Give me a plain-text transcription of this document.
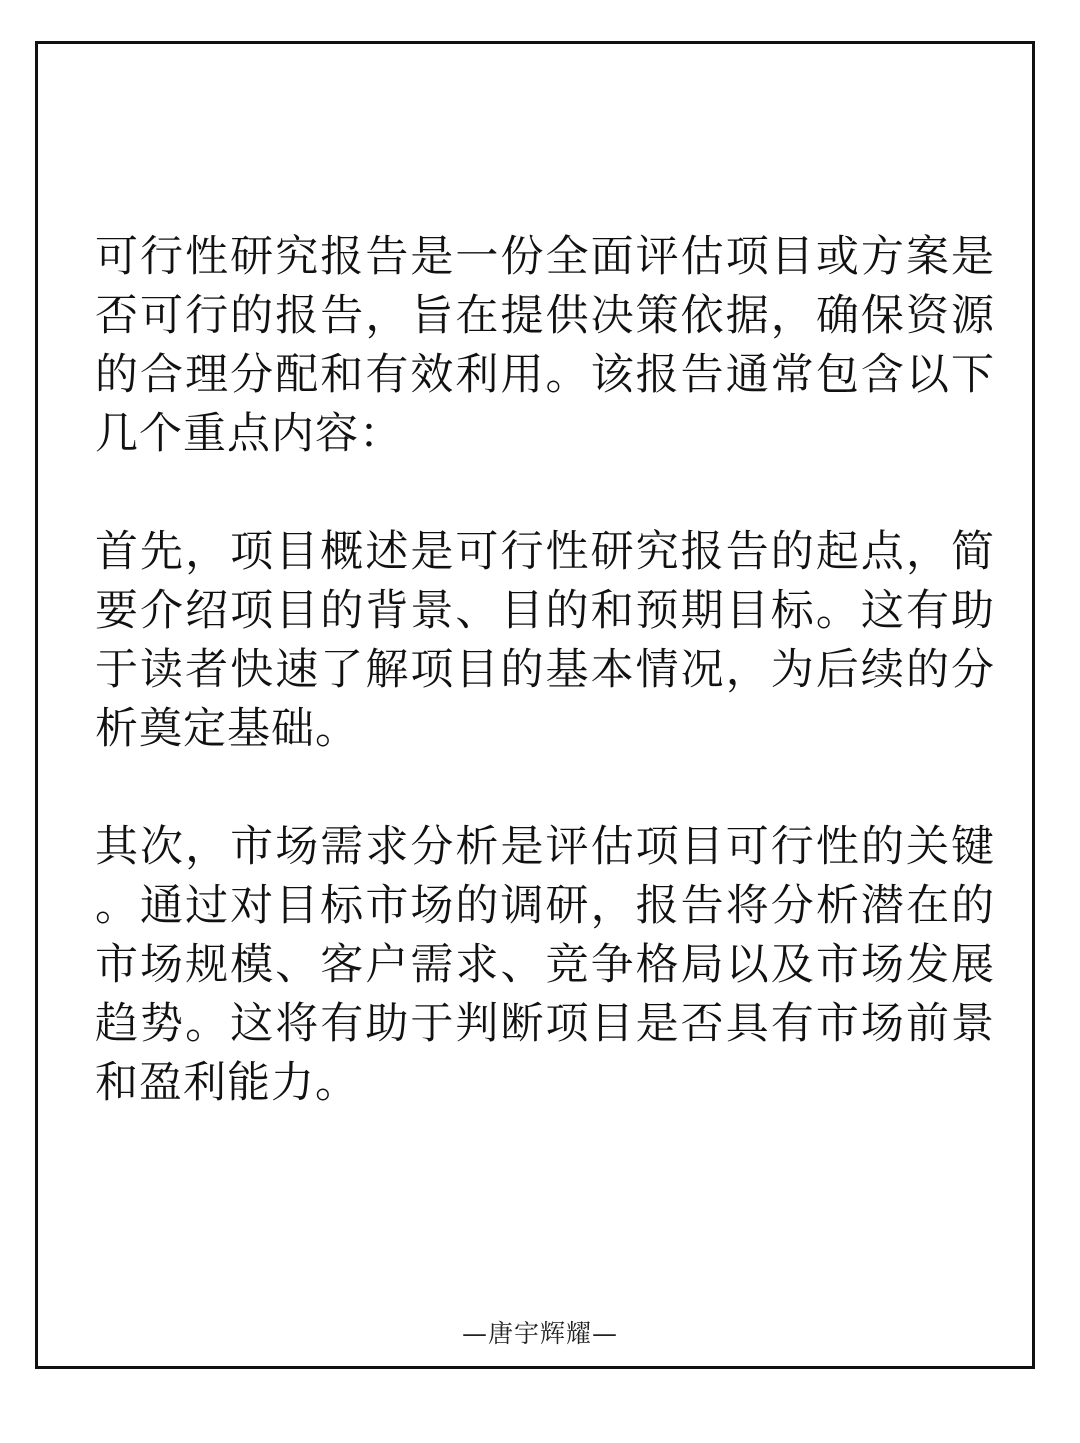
可行性研究报告是一份全面评估项目或方案是否可行的报告，旨在提供决策依据，确保资源的合理分配和有效利用。该报告通常包含以下几个重点内容：

首先，项目概述是可行性研究报告的起点，简要介绍项目的背景、目的和预期目标。这有助于读者快速了解项目的基本情况，为后续的分析奠定基础。

其次，市场需求分析是评估项目可行性的关键。通过对目标市场的调研，报告将分析潜在的市场规模、客户需求、竞争格局以及市场发展趋势。这将有助于判断项目是否具有市场前景和盈利能力。

—唐宇辉耀—
